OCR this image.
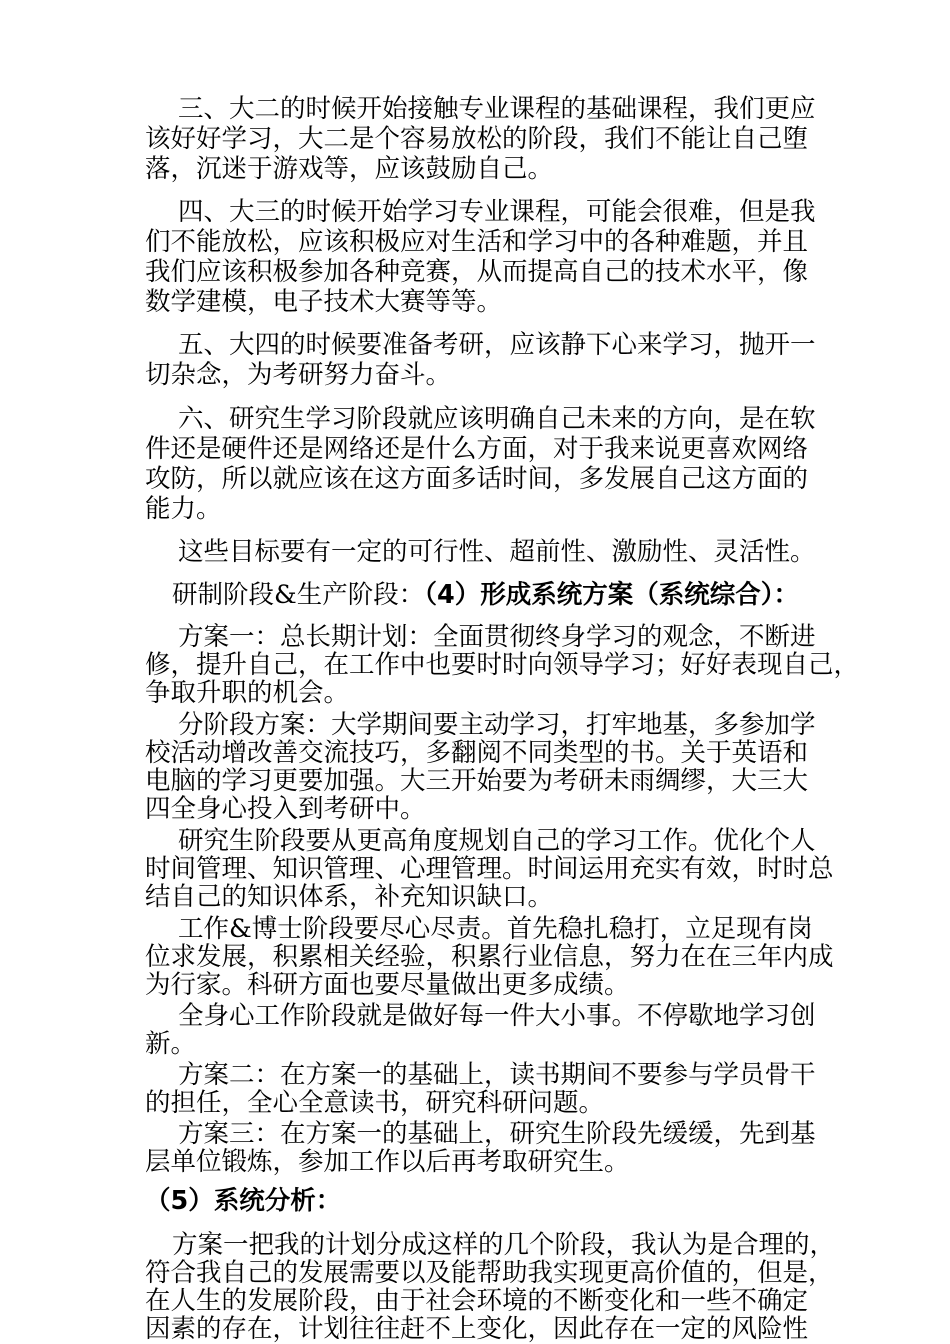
三、大二的时候开始接触专业课程的基础课程，我们更应
该好好学习，大二是个容易放松的阶段，我们不能让自己堕
落，沉迷于游戏等，应该鼓励自己。
四、大三的时候开始学习专业课程，可能会很难，但是我
们不能放松，应该积极应对生活和学习中的各种难题，并且
我们应该积极参加各种竞赛，从而提高自己的技术水平，像
数学建模，电子技术大赛等等。
五、大四的时候要准备考研，应该静下心来学习，抛开一
切杂念，为考研努力奋斗。
六、研究生学习阶段就应该明确自己未来的方向，是在软
件还是硬件还是网络还是什么方面，对于我来说更喜欢网络
攻防，所以就应该在这方面多话时间，多发展自己这方面的
能力。
这些目标要有一定的可行性、超前性、激励性、灵活性。
研制阶段&生产阶段：（4）形成系统方案（系统综合）：
方案一：总长期计划：全面贯彻终身学习的观念，不断进
修，提升自己，在工作中也要时时向领导学习；好好表现自己，
争取升职的机会。
分阶段方案：大学期间要主动学习，打牢地基，多参加学
校活动增改善交流技巧，多翻阅不同类型的书。关于英语和
电脑的学习更要加强。大三开始要为考研未雨绸缪，大三大
四全身心投入到考研中。
研究生阶段要从更高角度规划自己的学习工作。优化个人
时间管理、知识管理、心理管理。时间运用充实有效，时时总
结自己的知识体系，补充知识缺口。
工作&博士阶段要尽心尽责。首先稳扎稳打，立足现有岗
位求发展，积累相关经验，积累行业信息，努力在在三年内成
为行家。科研方面也要尽量做出更多成绩。
全身心工作阶段就是做好每一件大小事。不停歇地学习创
新。
方案二：在方案一的基础上，读书期间不要参与学员骨干
的担任，全心全意读书，研究科研问题。
方案三：在方案一的基础上，研究生阶段先缓缓，先到基
层单位锻炼，参加工作以后再考取研究生。
（5）系统分析：
方案一把我的计划分成这样的几个阶段，我认为是合理的，
符合我自己的发展需要以及能帮助我实现更高价值的，但是，
在人生的发展阶段，由于社会环境的不断变化和一些不确定
因素的存在，计划往往赶不上变化，因此存在一定的风险性
